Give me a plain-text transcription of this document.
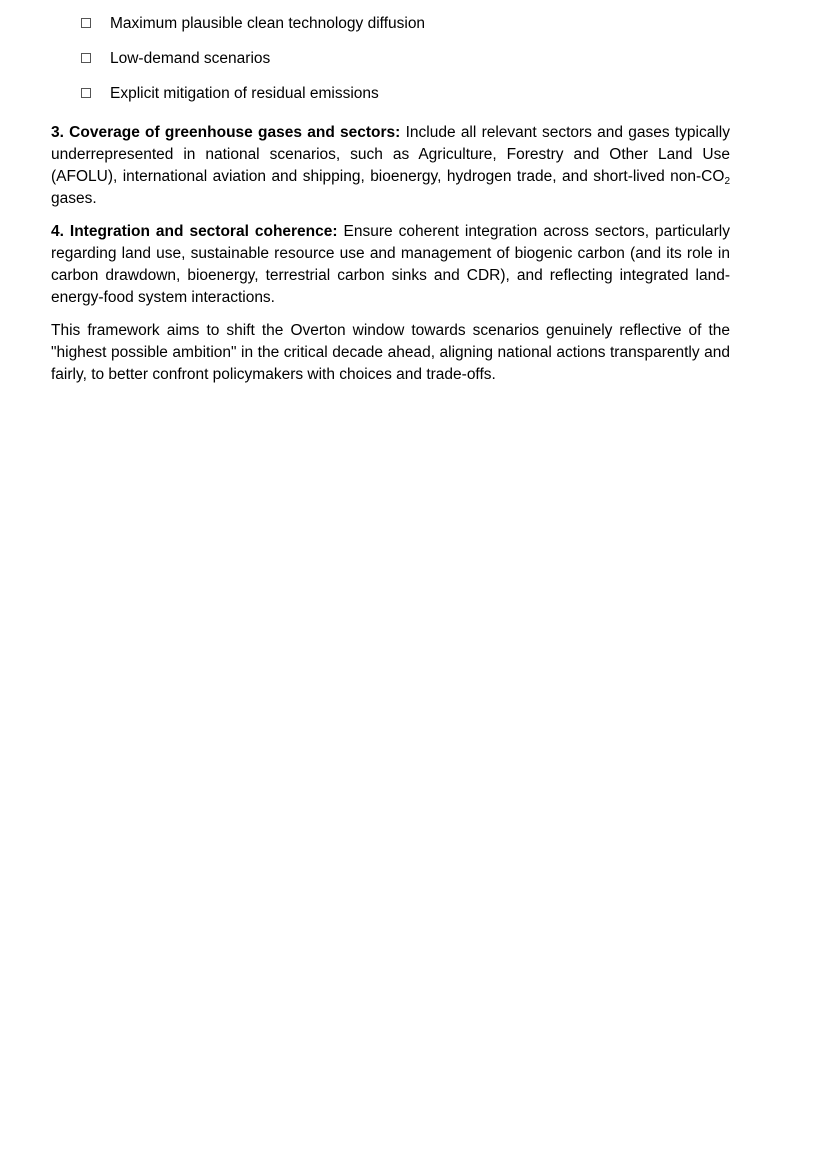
Maximum plausible clean technology diffusion
Low-demand scenarios
Explicit mitigation of residual emissions

3. Coverage of greenhouse gases and sectors: Include all relevant sectors and gases typically underrepresented in national scenarios, such as Agriculture, Forestry and Other Land Use (AFOLU), international aviation and shipping, bioenergy, hydrogen trade, and short-lived non-$CO_2$ gases.

4. Integration and sectoral coherence: Ensure coherent integration across sectors, particularly regarding land use, sustainable resource use and management of biogenic carbon (and its role in carbon drawdown, bioenergy, terrestrial carbon sinks and CDR), and reflecting integrated land-energy-food system interactions.

This framework aims to shift the Overton window towards scenarios genuinely reflective of the "highest possible ambition" in the critical decade ahead, aligning national actions transparently and fairly, to better confront policymakers with choices and trade-offs.
